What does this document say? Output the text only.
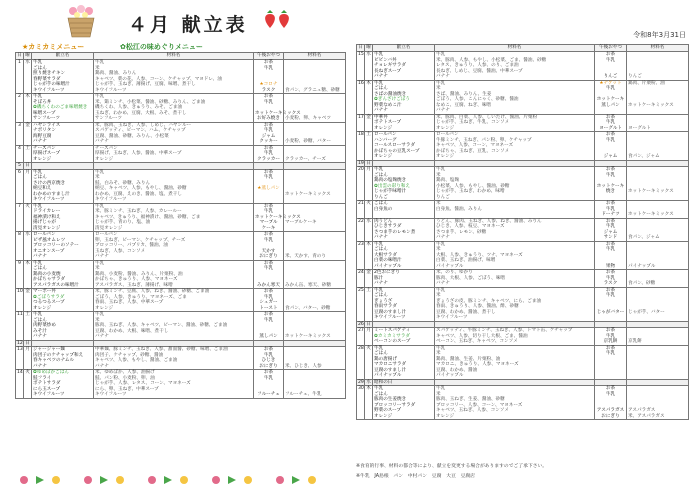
４月 献立表	令和8年3月31日
★カミカミメニュー	✿松江の味めぐりメニュー
日	曜	献立名	材料名	午後おやつ	材料名
1	水	牛乳	牛乳	お茶	
		ごはん	米	牛乳	
		照り焼きチキン	鶏肉、醤油、みりん		
		春野菜サラダ	キャベツ、菜の花、人参、コーン、ケチャップ、マヨドレ、油		
		じゃが芋の味噌汁	じゃが芋、玉ねぎ、薄揚げ、豆腐、味噌、煮干し	★コロナ	
		キウイフルーツ	キウイフルーツ	ラスク	食パン、グラニュ糖、砂糖
2	木	牛乳	牛乳	お茶	
		そぼろ丼	米、鶏ミンチ、小松菜、醤油、砂糖、みりん、ごま油	牛乳	
		✿磯ちくわのごま味噌焼き	磯ちくわ、人参、きゅうり、みそ、ごま油		
		味噌スープ	玉ねぎ、わかめ、豆腐、大根、みそ、煮干し	ホットケーキミックス	
		サンフルーツ	サンフルーツ	お好み焼き	小麦粉、卵、キャベツ
3	金	ハヤシライス	米、豚肉、玉ねぎ、人参、しめじ、ハヤシルー	お茶	
		ナポリタン	スパゲッティ、ピーマン、ハム、ケチャップ	牛乳	
		海野豆腐	豆腐、醤油、砂糖、みりん、小松菜	ジャム	
		バナナ	バナナ	クッキー	小麦粉、砂糖、バター
4	土	チーズパン	チーズパン	お茶	
		厚揚げスープ	厚揚げ、玉ねぎ、人参、醤油、中華スープ	牛乳	
		オレンジ	オレンジ	クラッカー	クラッカー、チーズ
5	日				
6	月	牛乳	牛乳	お茶	
		ごはん	米	牛乳	
		さけの西京焼き	鮭、白みそ、砂糖、みりん		
		納豆和え	納豆、キャベツ、人参、もやし、醤油、砂糖	★蒸しパン	
		わかめのすまし汁	わかめ、豆腐、えのき、醤油、塩、煮干し		ホットケーキミックス
		キウイフルーツ	キウイフルーツ		
7	火	牛乳	牛乳	お茶	
		ドライカレー	米、豚ミンチ、玉ねぎ、人参、カレールー	牛乳	
		福神漬け和え	キャベツ、きゅうり、福神漬け、醤油、砂糖、ごま	ホットケーキミックス	
		揚げじゃが	じゃが芋、青のり、塩、油	マーブル	マーブルケーキ
		清見オレンジ	清見オレンジ	ケーキ	
8	水	ロールパン	ロールパン	お茶	
		ピザ風オムレツ	卵、玉ねぎ、ピーマン、ケチャップ、チーズ	牛乳	
		ブロッコリーのソテー	ブロッコリー、パプリカ、醤油、油		
		オニオンスープ	玉ねぎ、人参、コンソメ	天かす	
		バナナ	バナナ	おにぎり	米、天かす、青のり
9	木	牛乳	牛乳	お茶	
		ごはん	米	牛乳	
		鶏肉の小麦焼	鶏肉、小麦粉、醤油、みりん、片栗粉、油		
		かぼちゃサラダ	かぼちゃ、きゅうり、人参、マヨネーズ		
		アスパラガスの味噌汁	アスパラガス、玉ねぎ、薄揚げ、味噌	みかん寒天	みかん缶、寒天、砂糖
10	金	マーボー丼	米、豚ミンチ、豆腐、人参、ねぎ、醤油、砂糖、ごま油	お茶	
		✿ごぼうサラダ	ごぼう、人参、きゅうり、マヨネーズ、ごま	牛乳	
		つるつるスープ	春雨、玉ねぎ、人参、中華スープ	シュガー	
		オレンジ	オレンジ	トースト	食パン、バター、砂糖
11	土	牛乳	牛乳	お茶	
		ごはん	米	牛乳	
		肉野菜炒め	豚肉、玉ねぎ、人参、キャベツ、ピーマン、醤油、砂糖、ごま油		
		みそ汁	豆腐、わかめ、大根、味噌、煮干し		
		バナナ	バナナ	蒸しパン	ホットケーキミックス
12	日				
13	月	ジャージャー麺	中華麺、豚ミンチ、玉ねぎ、人参、甜面醤、砂糖、味噌、ごま油	お茶	
		肉団子のケチャップ和え	肉団子、ケチャップ、砂糖、醤油	牛乳	
		春キャベツのナムル	キャベツ、人参、もやし、醤油、ごま油	ひじき	
		バナナ	バナナ	おにぎり	米、ひじき、人参
14	火	✿ゆめぽかごはん	米、ゆめぽか、人参、油揚げ	お茶	
		鮭フライ	鮭、パン粉、小麦粉、卵、油	牛乳	
		ポテトサラダ	じゃが芋、人参、レタス、コーン、マヨネーズ		
		にら玉スープ	にら、卵、玉ねぎ、中華スープ		
		キウイフルーツ	キウイフルーツ	フルーチェ	フルーチェ、牛乳
日	曜	献立名	材料名	午後おやつ	材料名
15	水	牛乳	牛乳	お茶	
		ビビンバ丼	米、豚肉、人参、もやし、小松菜、ごま、醤油、砂糖	牛乳	
		チョレギサラダ	レタス、きゅうり、人参、のり、ごま油		
		長ねぎスープ	長ねぎ、しめじ、豆腐、醤油、中華スープ		
		バナナ	バナナ	りんご	りんご
16	木	牛乳	牛乳	★ナゲット	鶏肉、片栗粉、油
		ごはん	米	牛乳	
		さばの醤油焼き	さば、醤油、みりん、生姜		
		✿ぎんざけごぼう	ごぼう、人参、こんにゃく、砂糖、醤油	ホットケーキ	
		野菜なめこ汁	なめこ、豆腐、ねぎ、味噌	蒸しパン	ホットケーキミックス
		バナナ	バナナ		
17	金	中華丼	米、豚肉、白菜、人参、しいたけ、醤油、片栗粉	お茶	
		ポテトスープ	じゃが芋、玉ねぎ、牛乳、コンソメ	牛乳	
		オレンジ	オレンジ	ヨーグルト	ヨーグルト
18	土	ロールパン	ロールパン	お茶	
		ハンバーグ	牛豚ミンチ、玉ねぎ、パン粉、卵、ケチャップ	牛乳	
		コールスローサラダ	キャベツ、人参、コーン、マヨネーズ		
		かぼちゃの豆乳スープ	かぼちゃ、玉ねぎ、豆乳、コンソメ		
		オレンジ	オレンジ	ジャム	食パン、ジャム
19	日				
20	月	牛乳	牛乳	お茶	
		ごはん	米	牛乳	
		鶏肉の塩麹焼き	鶏肉、塩麹		
		✿出雲の彩り和え	小松菜、人参、もやし、醤油、砂糖	ホットケーキ	
		じゃが芋味噌汁	じゃが芋、玉ねぎ、わかめ、味噌	焼き	ホットケーキミックス
		りんご	りんご		
21	火	ごはん	米	お茶	
		白身魚の	白身魚、醤油、みりん	牛乳	
				ドーナツ	ホットケーキミックス
22	水	肉うどん	うどん、豚肉、玉ねぎ、人参、ねぎ、醤油、みりん	お茶	
		ひじきサラダ	ひじき、人参、枝豆、マヨネーズ	牛乳	
		さつま芋のレモン煮	さつま芋、レモン、砂糖	ジャム	
		バナナ	バナナ	サンド	食パン、ジャム
23	木	牛乳	牛乳	お茶	
		ごはん	米	牛乳	
		大根サラダ	大根、人参、きゅうり、ツナ、マヨネーズ		
		白菜の味噌汁	白菜、玉ねぎ、油揚げ、味噌		
		パイナップル	パイナップル	果物	パイナップル
24	金	2色おにぎり	米、のり、ゆかり	お茶	
		豚汁	豚肉、大根、人参、ごぼう、味噌	牛乳	
		バナナ	バナナ	ラスク	食パン、砂糖
25	土	牛乳	牛乳	お茶	
		ごはん	米	牛乳	
		ぎょうざ	ぎょうざの皮、豚ミンチ、キャベツ、にら、ごま油		
		春雨サラダ	春雨、きゅうり、人参、醤油、酢、砂糖		
		豆腐のすまし汁	豆腐、わかめ、醤油、煮干し	じゃがバター	じゃが芋、バター
		キウイフルーツ	キウイフルーツ		
26	日				
27	月	ミートスパゲティ	スパゲッティ、牛豚ミンチ、玉ねぎ、人参、トマト缶、ケチャップ	お茶	
		✿カミカミサラダ	キャベツ、人参、切り干し大根、ごま、醤油	牛乳	
		ベーコンのスープ	ベーコン、玉ねぎ、キャベツ、コンソメ	京乳餅	京乳餅
28	火	牛乳	牛乳	お茶	
		ごはん	米	牛乳	
		鶏の唐揚げ	鶏肉、醤油、生姜、片栗粉、油		
		マカロニサラダ	マカロニ、きゅうり、人参、マヨネーズ		
		豆腐のすまし汁	豆腐、わかめ、醤油		
		パイナップル	パイナップル		
29	水	昭和の日			
30	木	牛乳	牛乳	お茶	
		ごはん	米	牛乳	
		豚肉の生姜焼き	豚肉、玉ねぎ、生姜、醤油、砂糖		
		ブロッコリーサラダ	ブロッコリー、人参、コーン、マヨネーズ		
		野菜のスープ	キャベツ、玉ねぎ、人参、コンソメ	アスパラガス	アスパラガス
		オレンジ	オレンジ	おにぎり	米、アスパラガス
※食育的行事、材料の都合等により、献立を変更する場合がありますのでご了承下さい。
※牛乳　JA島根　パン　中村パン　豆腐　大豆　豆腐店
